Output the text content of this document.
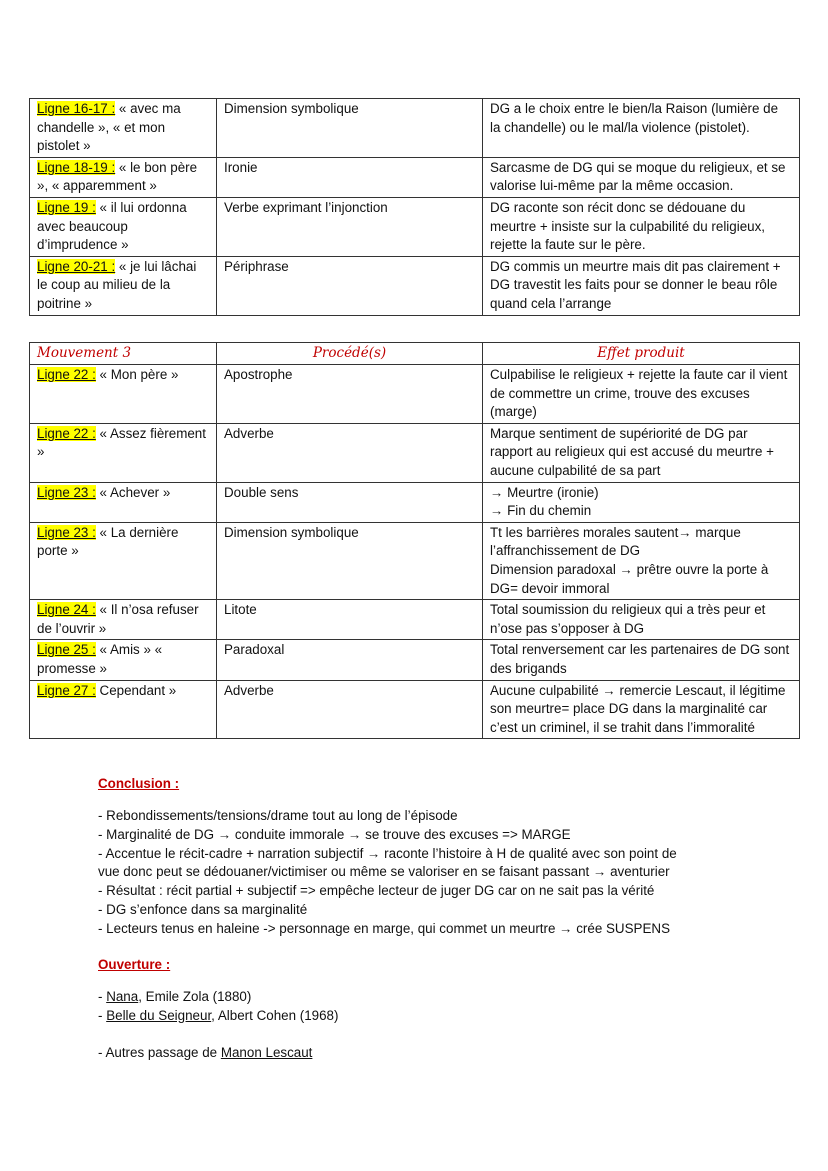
Ligne 16-17 : « avec ma chandelle », « et mon pistolet »	Dimension symbolique	DG a le choix entre le bien/la Raison (lumière de la chandelle) ou le mal/la violence (pistolet).

Ligne 18-19 : « le bon père », « apparemment »	Ironie	Sarcasme de DG qui se moque du religieux, et se valorise lui-même par la même occasion.

Ligne 19 : « il lui ordonna avec beaucoup d’imprudence »	Verbe exprimant l’injonction	DG raconte son récit donc se dédouane du meurtre + insiste sur la culpabilité du religieux, rejette la faute sur le père.

Ligne 20-21 : « je lui lâchai le coup au milieu de la poitrine »	Périphrase	DG commis un meurtre mais dit pas clairement + DG travestit les faits pour se donner le beau rôle quand cela l’arrange
Mouvement 3	Procédé(s)	Effet produit
Ligne 22 : « Mon père »	Apostrophe	Culpabilise le religieux + rejette la faute car il vient de commettre un crime, trouve des excuses (marge)

Ligne 22 : « Assez fièrement »	Adverbe	Marque sentiment de supériorité de DG par rapport au religieux qui est accusé du meurtre + aucune culpabilité de sa part

Ligne 23 : « Achever »	Double sens	→ Meurtre (ironie)
→ Fin du chemin

Ligne 23 : « La dernière porte »	Dimension symbolique	Tt les barrières morales sautent→ marque l’affranchissement de DG
Dimension paradoxal → prêtre ouvre la porte à DG= devoir immoral

Ligne 24 : « Il n’osa refuser de l’ouvrir »	Litote	Total soumission du religieux qui a très peur et n’ose pas s’opposer à DG

Ligne 25 : « Amis » « promesse »	Paradoxal	Total renversement car les partenaires de DG sont des brigands

Ligne 27 : Cependant »	Adverbe	Aucune culpabilité → remercie Lescaut, il légitime son meurtre= place DG dans la marginalité car c’est un criminel, il se trahit dans l’immoralité
Conclusion :
- Rebondissements/tensions/drame tout au long de l’épisode
- Marginalité de DG → conduite immorale → se trouve des excuses => MARGE
- Accentue le récit-cadre + narration subjectif → raconte l’histoire à H de qualité avec son point de
vue donc peut se dédouaner/victimiser ou même se valoriser en se faisant passant → aventurier
- Résultat : récit partial + subjectif => empêche lecteur de juger DG car on ne sait pas la vérité
- DG s’enfonce dans sa marginalité
- Lecteurs tenus en haleine -> personnage en marge, qui commet un meurtre → crée SUSPENS
Ouverture :
- Nana, Emile Zola (1880)
- Belle du Seigneur, Albert Cohen (1968)
- Autres passage de Manon Lescaut
